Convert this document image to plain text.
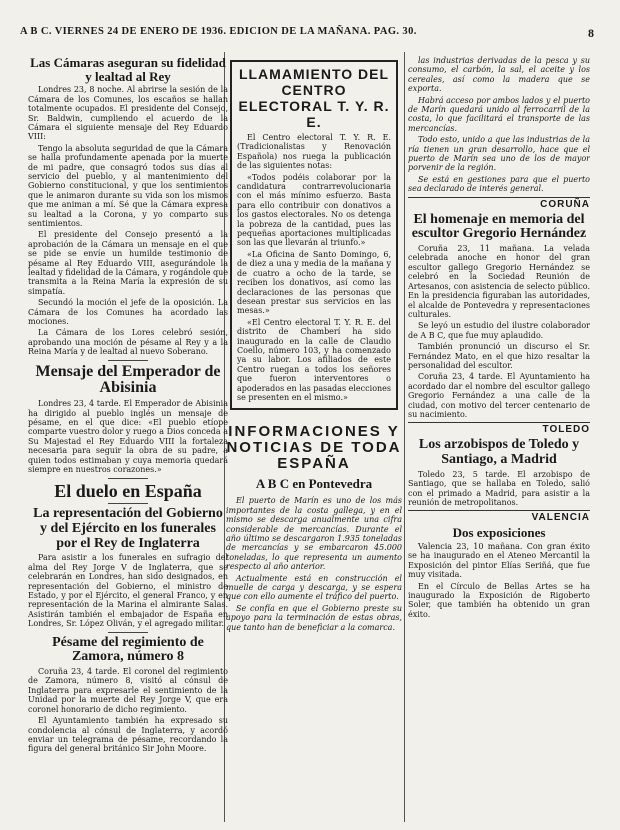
A B C. VIERNES 24 DE ENERO DE 1936. EDICION DE LA MAÑANA. PAG. 30.	8
Las Cámaras aseguran su fidelidad y lealtad al Rey

Londres 23, 8 noche. Al abrirse la sesión de la Cámara de los Comunes, los escaños se hallan totalmente ocupados. El presidente del Consejo, Sr. Baldwin, cumpliendo el acuerdo de la Cámara el siguiente mensaje del Rey Eduardo VIII:

Tengo la absoluta seguridad de que la Cámara se halla profundamente apenada por la muerte de mi padre, que consagró todos sus días al servicio del pueblo, y al mantenimiento del Gobierno constitucional, y que los sentimientos que le animaron durante su vida son los mismos que me animan a mí. Sé que la Cámara expresa su lealtad a la Corona, y yo comparto sus sentimientos.

El presidente del Consejo presentó a la aprobación de la Cámara un mensaje en el que se pide se envíe un humilde testimonio de pésame al Rey Eduardo VIII, asegurándole la lealtad y fidelidad de la Cámara, y rogándole que transmita a la Reina María la expresión de su simpatía.

Secundó la moción el jefe de la oposición. La Cámara de los Comunes ha acordado las mociones.

La Cámara de los Lores celebró sesión, aprobando una moción de pésame al Rey y a la Reina María y de lealtad al nuevo Soberano.

Mensaje del Emperador de Abisinia

Londres 23, 4 tarde. El Emperador de Abisinia ha dirigido al pueblo inglés un mensaje de pésame, en el que dice: «El pueblo etíope comparte vuestro dolor y ruego a Dios conceda a Su Majestad el Rey Eduardo VIII la fortaleza necesaria para seguir la obra de su padre, a quien todos estimaban y cuya memoria quedará siempre en nuestros corazones.»

El duelo en España
La representación del Gobierno y del Ejército en los funerales por el Rey de Inglaterra

Para asistir a los funerales en sufragio del alma del Rey Jorge V de Inglaterra, que se celebrarán en Londres, han sido designados, en representación del Gobierno, el ministro de Estado, y por el Ejército, el general Franco, y en representación de la Marina el almirante Salas. Asistirán también el embajador de España en Londres, Sr. López Oliván, y el agregado militar.

Pésame del regimiento de Zamora, número 8

Coruña 23, 4 tarde. El coronel del regimiento de Zamora, número 8, visitó al cónsul de Inglaterra para expresarle el sentimiento de la Unidad por la muerte del Rey Jorge V, que era coronel honorario de dicho regimiento.

El Ayuntamiento también ha expresado su condolencia al cónsul de Inglaterra, y acordó enviar un telegrama de pésame, recordando la figura del general británico Sir John Moore.

LLAMAMIENTO DEL CENTRO ELECTORAL T. Y. R. E.

El Centro electoral T. Y. R. E. (Tradicionalistas y Renovación Española) nos ruega la publicación de las siguientes notas:

«Todos podéis colaborar por la candidatura contrarrevolucionaria con el más mínimo esfuerzo. Basta para ello contribuir con donativos a los gastos electorales. No os detenga la pobreza de la cantidad, pues las pequeñas aportaciones multiplicadas son las que llevarán al triunfo.»

«La Oficina de Santo Domingo, 6, de diez a una y media de la mañana y de cuatro a ocho de la tarde, se reciben los donativos, así como las declaraciones de las personas que desean prestar sus servicios en las mesas.»

«El Centro electoral T. Y. R. E. del distrito de Chamberí ha sido inaugurado en la calle de Claudio Coello, número 103, y ha comenzado ya su labor. Los afiliados de este Centro ruegan a todos los señores que fueron interventores o apoderados en las pasadas elecciones se presenten en el mismo.»

INFORMACIONES Y NOTICIAS DE TODA ESPAÑA
A B C en Pontevedra

El puerto de Marín es uno de los más importantes de la costa gallega, y en el mismo se descarga anualmente una cifra considerable de mercancías. Durante el año último se descargaron 1.935 toneladas de mercancías y se embarcaron 45.000 toneladas, lo que representa un aumento respecto al año anterior.

Actualmente está en construcción el muelle de carga y descarga, y se espera que con ello aumente el tráfico del puerto.

Se confía en que el Gobierno preste su apoyo para la terminación de estas obras, que tanto han de beneficiar a la comarca.

las industrias derivadas de la pesca y su consumo, el carbón, la sal, el aceite y los cereales, así como la madera que se exporta.

Habrá acceso por ambos lados y el puerto de Marín quedará unido al ferrocarril de la costa, lo que facilitará el transporte de las mercancías.

Todo esto, unido a que las industrias de la ría tienen un gran desarrollo, hace que el puerto de Marín sea uno de los de mayor porvenir de la región.

Se está en gestiones para que el puerto sea declarado de interés general.

CORUÑA
El homenaje en memoria del escultor Gregorio Hernández

Coruña 23, 11 mañana. La velada celebrada anoche en honor del gran escultor gallego Gregorio Hernández se celebró en la Sociedad Reunión de Artesanos, con asistencia de selecto público. En la presidencia figuraban las autoridades, el alcalde de Pontevedra y representaciones culturales.

Se leyó un estudio del ilustre colaborador de A B C, que fue muy aplaudido.

También pronunció un discurso el Sr. Fernández Mato, en el que hizo resaltar la personalidad del escultor.

Coruña 23, 4 tarde. El Ayuntamiento ha acordado dar el nombre del escultor gallego Gregorio Fernández a una calle de la ciudad, con motivo del tercer centenario de su nacimiento.

TOLEDO
Los arzobispos de Toledo y Santiago, a Madrid

Toledo 23, 5 tarde. El arzobispo de Santiago, que se hallaba en Toledo, salió con el primado a Madrid, para asistir a la reunión de metropolitanos.

VALENCIA
Dos exposiciones

Valencia 23, 10 mañana. Con gran éxito se ha inaugurado en el Ateneo Mercantil la Exposición del pintor Elías Seriñá, que fue muy visitada.

En el Círculo de Bellas Artes se ha inaugurado la Exposición de Rigoberto Soler, que también ha obtenido un gran éxito.
